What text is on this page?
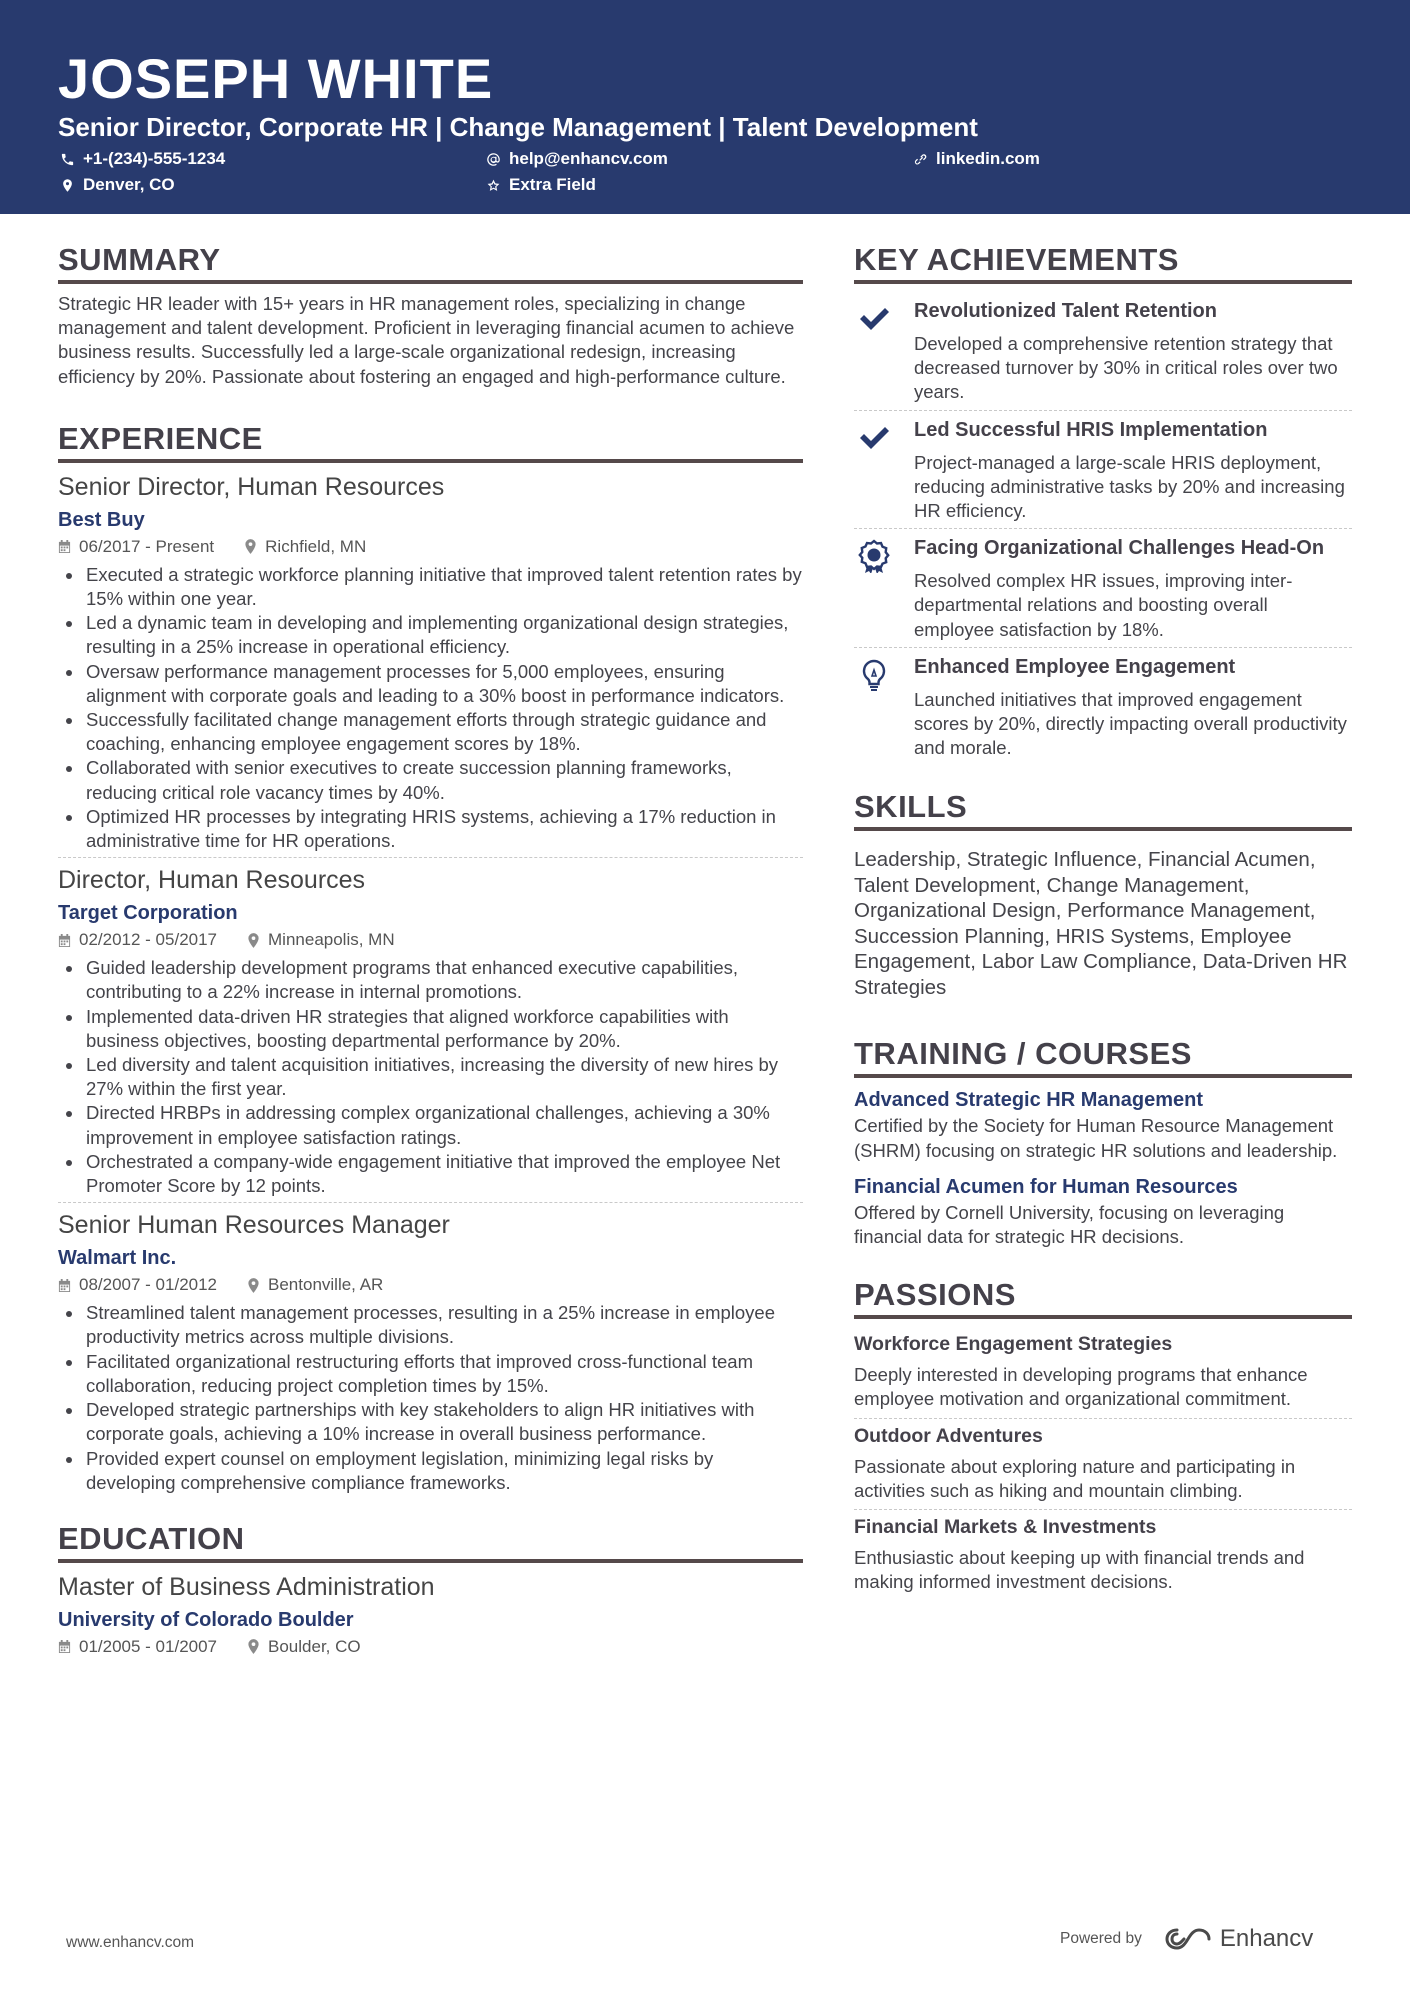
JOSEPH WHITE
Senior Director, Corporate HR | Change Management | Talent Development
+1-(234)-555-1234	help@enhancv.com	linkedin.com
Denver, CO	Extra Field
SUMMARY
Strategic HR leader with 15+ years in HR management roles, specializing in change management and talent development. Proficient in leveraging financial acumen to achieve business results. Successfully led a large-scale organizational redesign, increasing efficiency by 20%. Passionate about fostering an engaged and high-performance culture.
EXPERIENCE
Senior Director, Human Resources
Best Buy
06/2017 - Present	Richfield, MN
Executed a strategic workforce planning initiative that improved talent retention rates by 15% within one year.
Led a dynamic team in developing and implementing organizational design strategies, resulting in a 25% increase in operational efficiency.
Oversaw performance management processes for 5,000 employees, ensuring alignment with corporate goals and leading to a 30% boost in performance indicators.
Successfully facilitated change management efforts through strategic guidance and coaching, enhancing employee engagement scores by 18%.
Collaborated with senior executives to create succession planning frameworks, reducing critical role vacancy times by 40%.
Optimized HR processes by integrating HRIS systems, achieving a 17% reduction in administrative time for HR operations.
Director, Human Resources
Target Corporation
02/2012 - 05/2017	Minneapolis, MN
Guided leadership development programs that enhanced executive capabilities, contributing to a 22% increase in internal promotions.
Implemented data-driven HR strategies that aligned workforce capabilities with business objectives, boosting departmental performance by 20%.
Led diversity and talent acquisition initiatives, increasing the diversity of new hires by 27% within the first year.
Directed HRBPs in addressing complex organizational challenges, achieving a 30% improvement in employee satisfaction ratings.
Orchestrated a company-wide engagement initiative that improved the employee Net Promoter Score by 12 points.
Senior Human Resources Manager
Walmart Inc.
08/2007 - 01/2012	Bentonville, AR
Streamlined talent management processes, resulting in a 25% increase in employee productivity metrics across multiple divisions.
Facilitated organizational restructuring efforts that improved cross-functional team collaboration, reducing project completion times by 15%.
Developed strategic partnerships with key stakeholders to align HR initiatives with corporate goals, achieving a 10% increase in overall business performance.
Provided expert counsel on employment legislation, minimizing legal risks by developing comprehensive compliance frameworks.
EDUCATION
Master of Business Administration
University of Colorado Boulder
01/2005 - 01/2007	Boulder, CO
KEY ACHIEVEMENTS
Revolutionized Talent Retention
Developed a comprehensive retention strategy that decreased turnover by 30% in critical roles over two years.
Led Successful HRIS Implementation
Project-managed a large-scale HRIS deployment, reducing administrative tasks by 20% and increasing HR efficiency.
Facing Organizational Challenges Head-On
Resolved complex HR issues, improving inter-departmental relations and boosting overall employee satisfaction by 18%.
Enhanced Employee Engagement
Launched initiatives that improved engagement scores by 20%, directly impacting overall productivity and morale.
SKILLS
Leadership, Strategic Influence, Financial Acumen, Talent Development, Change Management, Organizational Design, Performance Management, Succession Planning, HRIS Systems, Employee Engagement, Labor Law Compliance, Data-Driven HR Strategies
TRAINING / COURSES
Advanced Strategic HR Management
Certified by the Society for Human Resource Management (SHRM) focusing on strategic HR solutions and leadership.
Financial Acumen for Human Resources
Offered by Cornell University, focusing on leveraging financial data for strategic HR decisions.
PASSIONS
Workforce Engagement Strategies
Deeply interested in developing programs that enhance employee motivation and organizational commitment.
Outdoor Adventures
Passionate about exploring nature and participating in activities such as hiking and mountain climbing.
Financial Markets & Investments
Enthusiastic about keeping up with financial trends and making informed investment decisions.
www.enhancv.com	Powered by	Enhancv
